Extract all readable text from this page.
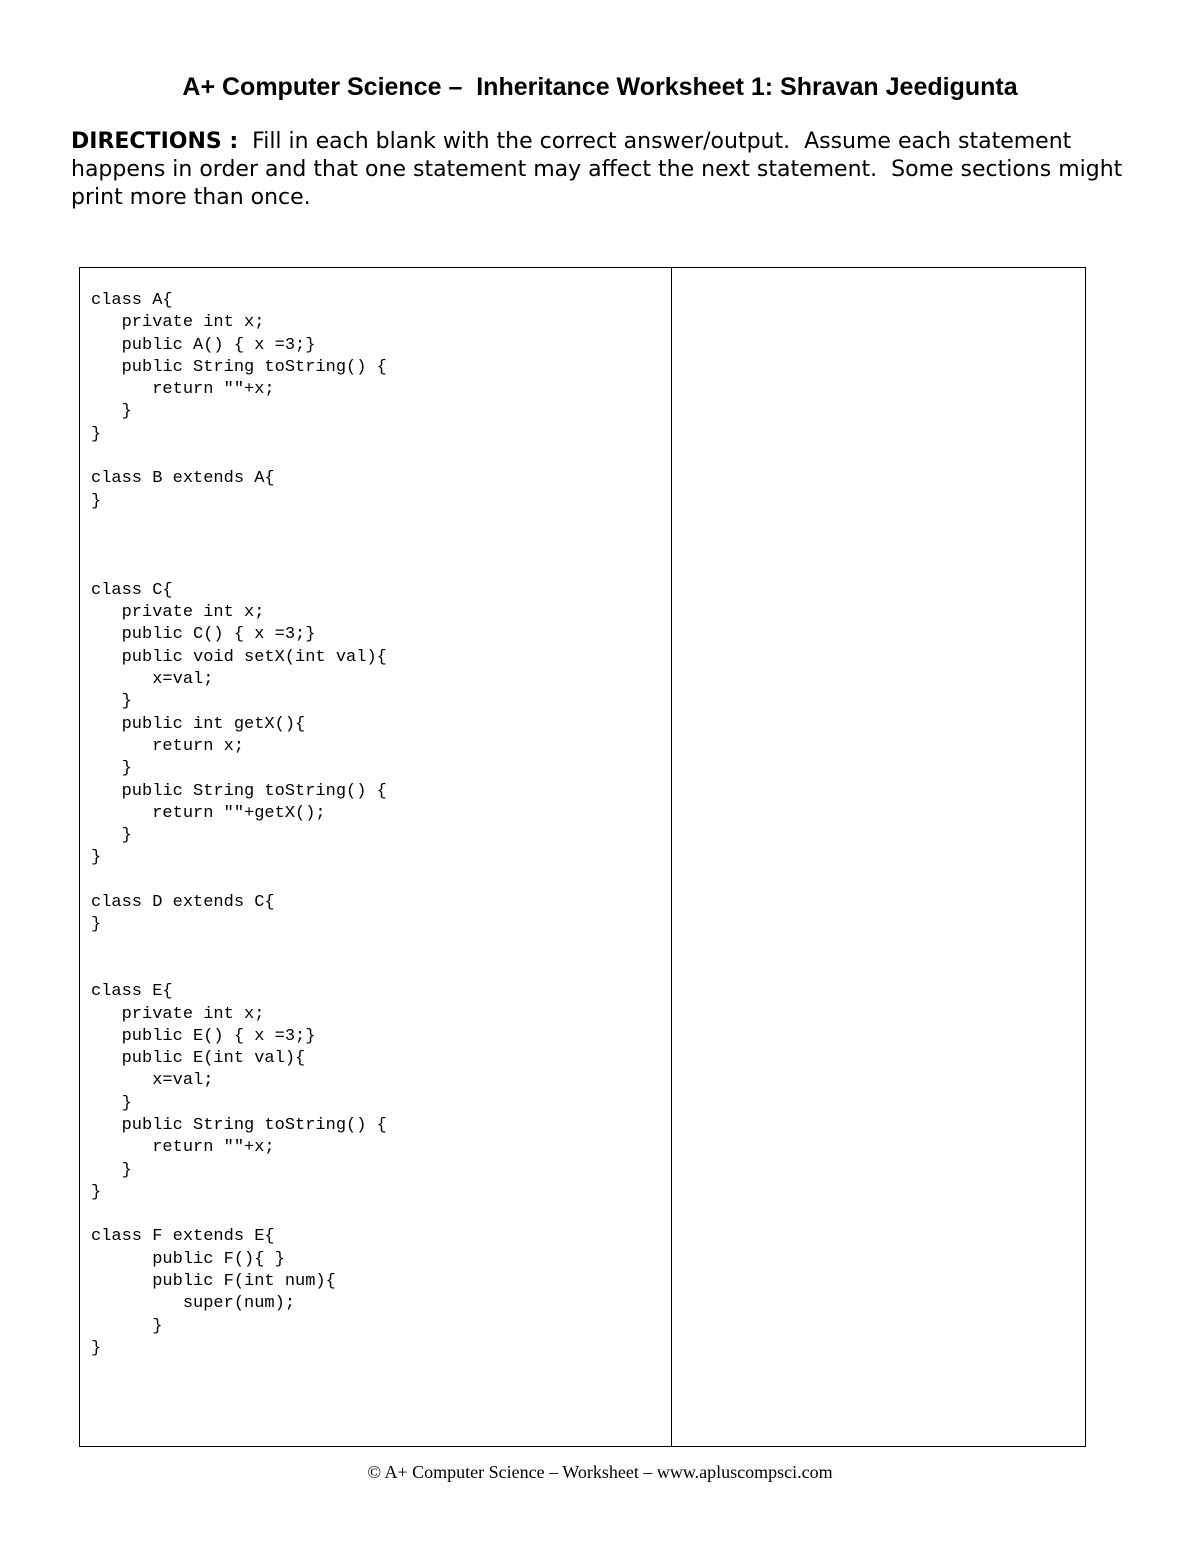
A+ Computer Science –  Inheritance Worksheet 1: Shravan Jeedigunta
DIRECTIONS :  Fill in each blank with the correct answer/output.  Assume each statement happens in order and that one statement may affect the next statement.  Some sections might print more than once.
class A{
private int x;
public A() { x =3;}
public String toString() {
return ""+x;
}
}

class B extends A{
}

class C{
private int x;
public C() { x =3;}
public void setX(int val){
x=val;
}
public int getX(){
return x;
}
public String toString() {
return ""+getX();
}
}

class D extends C{
}

class E{
private int x;
public E() { x =3;}
public E(int val){
x=val;
}
public String toString() {
return ""+x;
}
}

class F extends E{
public F(){ }
public F(int num){
super(num);
}
}
© A+ Computer Science – Worksheet – www.apluscompsci.com
